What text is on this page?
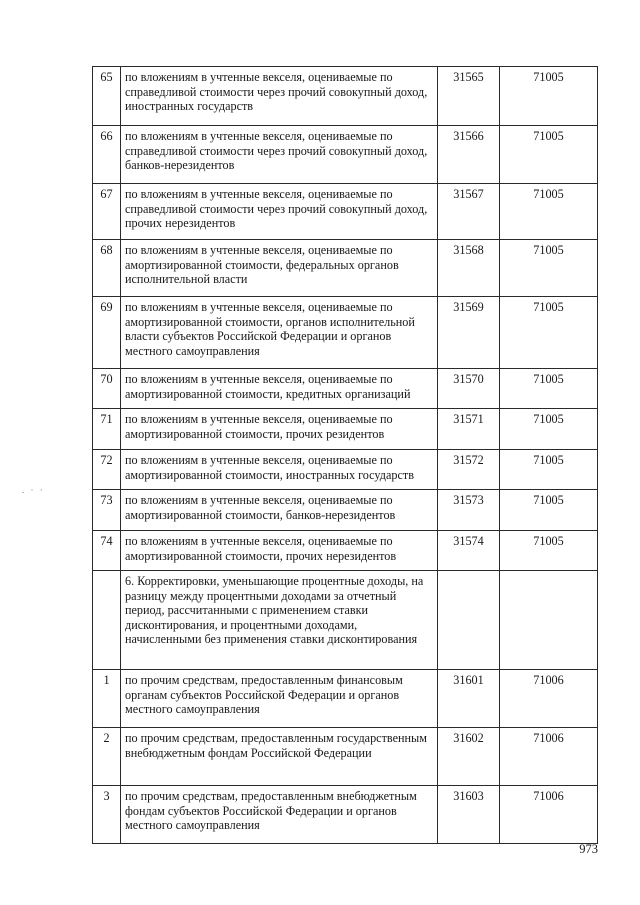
. · ·
65	по вложениям в учтенные векселя, оцениваемые по справедливой стоимости через прочий совокупный доход, иностранных государств	31565	71005
66	по вложениям в учтенные векселя, оцениваемые по справедливой стоимости через прочий совокупный доход, банков-нерезидентов	31566	71005
67	по вложениям в учтенные векселя, оцениваемые по справедливой стоимости через прочий совокупный доход, прочих нерезидентов	31567	71005
68	по вложениям в учтенные векселя, оцениваемые по амортизированной стоимости, федеральных органов исполнительной власти	31568	71005
69	по вложениям в учтенные векселя, оцениваемые по амортизированной стоимости, органов исполнительной власти субъектов Российской Федерации и органов местного самоуправления	31569	71005
70	по вложениям в учтенные векселя, оцениваемые по амортизированной стоимости, кредитных организаций	31570	71005
71	по вложениям в учтенные векселя, оцениваемые по амортизированной стоимости, прочих резидентов	31571	71005
72	по вложениям в учтенные векселя, оцениваемые по амортизированной стоимости, иностранных государств	31572	71005
73	по вложениям в учтенные векселя, оцениваемые по амортизированной стоимости, банков-нерезидентов	31573	71005
74	по вложениям в учтенные векселя, оцениваемые по амортизированной стоимости, прочих нерезидентов	31574	71005
	6. Корректировки, уменьшающие процентные доходы, на разницу между процентными доходами за отчетный период, рассчитанными с применением ставки дисконтирования, и процентными доходами, начисленными без применения ставки дисконтирования		
1	по прочим средствам, предоставленным финансовым органам субъектов Российской Федерации и органов местного самоуправления	31601	71006
2	по прочим средствам, предоставленным государственным внебюджетным фондам Российской Федерации	31602	71006
3	по прочим средствам, предоставленным внебюджетным фондам субъектов Российской Федерации и органов местного самоуправления	31603	71006
973
